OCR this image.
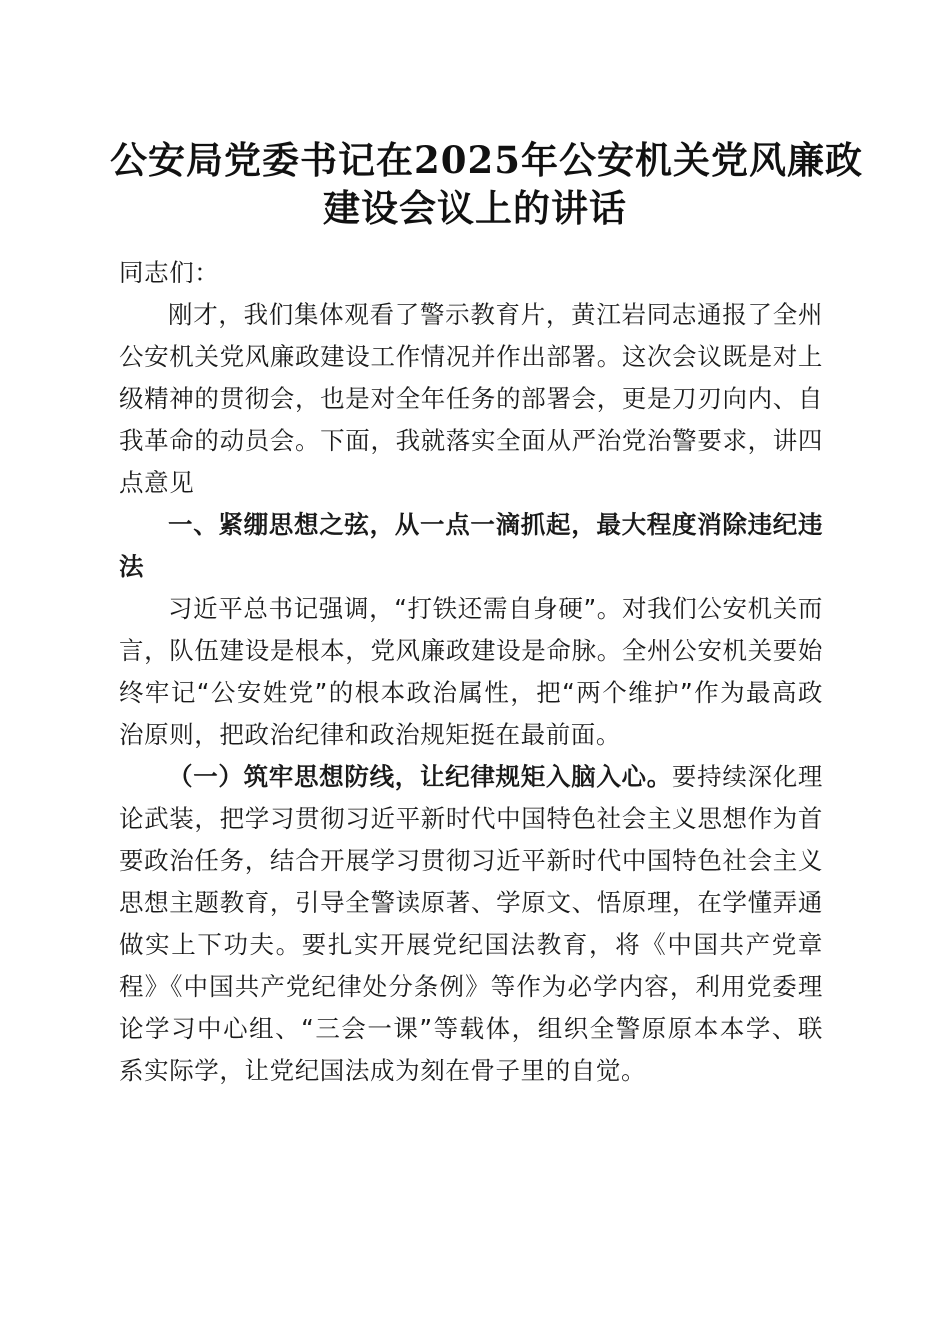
公安局党委书记在2025年公安机关党风廉政
建设会议上的讲话

同志们：

刚才，我们集体观看了警示教育片，黄江岩同志通报了全州公安机关党风廉政建设工作情况并作出部署。这次会议既是对上级精神的贯彻会，也是对全年任务的部署会，更是刀刃向内、自我革命的动员会。下面，我就落实全面从严治党治警要求，讲四点意见

一、紧绷思想之弦，从一点一滴抓起，最大程度消除违纪违法

习近平总书记强调，“打铁还需自身硬”。对我们公安机关而言，队伍建设是根本，党风廉政建设是命脉。全州公安机关要始终牢记“公安姓党”的根本政治属性，把“两个维护”作为最高政治原则，把政治纪律和政治规矩挺在最前面。

（一）筑牢思想防线，让纪律规矩入脑入心。要持续深化理论武装，把学习贯彻习近平新时代中国特色社会主义思想作为首要政治任务，结合开展学习贯彻习近平新时代中国特色社会主义思想主题教育，引导全警读原著、学原文、悟原理，在学懂弄通做实上下功夫。要扎实开展党纪国法教育，将《中国共产党章程》《中国共产党纪律处分条例》等作为必学内容，利用党委理论学习中心组、“三会一课”等载体，组织全警原原本本学、联系实际学，让党纪国法成为刻在骨子里的自觉。
